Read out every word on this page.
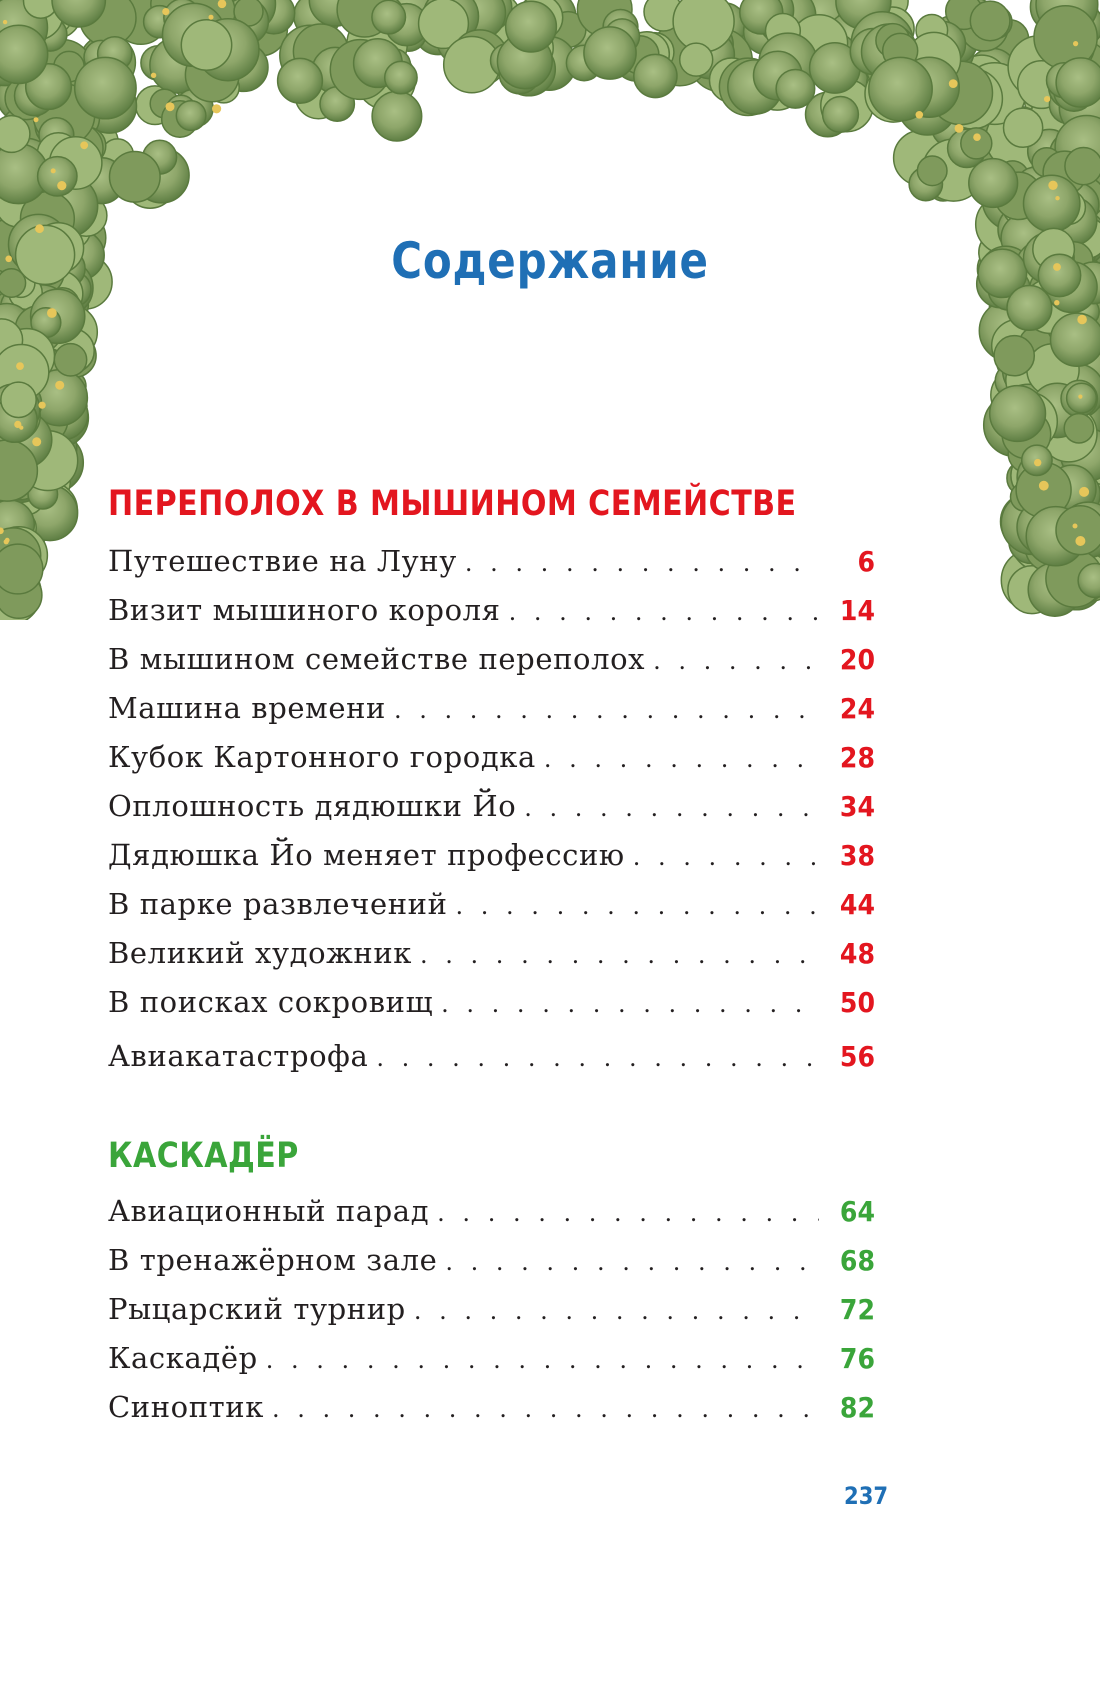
Содержание
ПЕРЕПОЛОХ В МЫШИНОМ СЕМЕЙСТВЕ
Путешествие на Луну . . .	6
Визит мышиного короля . . .	14
В мышином семействе переполох . . .	20
Машина времени . . .	24
Кубок Картонного городка . . .	28
Оплошность дядюшки Йо . . .	34
Дядюшка Йо меняет профессию . . .	38
В парке развлечений . . .	44
Великий художник . . .	48
В поисках сокровищ . . .	50
Авиакатастрофа . . .	56
КАСКАДЁР
Авиационный парад . . .	64
В тренажёрном зале . . .	68
Рыцарский турнир . . .	72
Каскадёр . . .	76
Синоптик . . .	82
237
